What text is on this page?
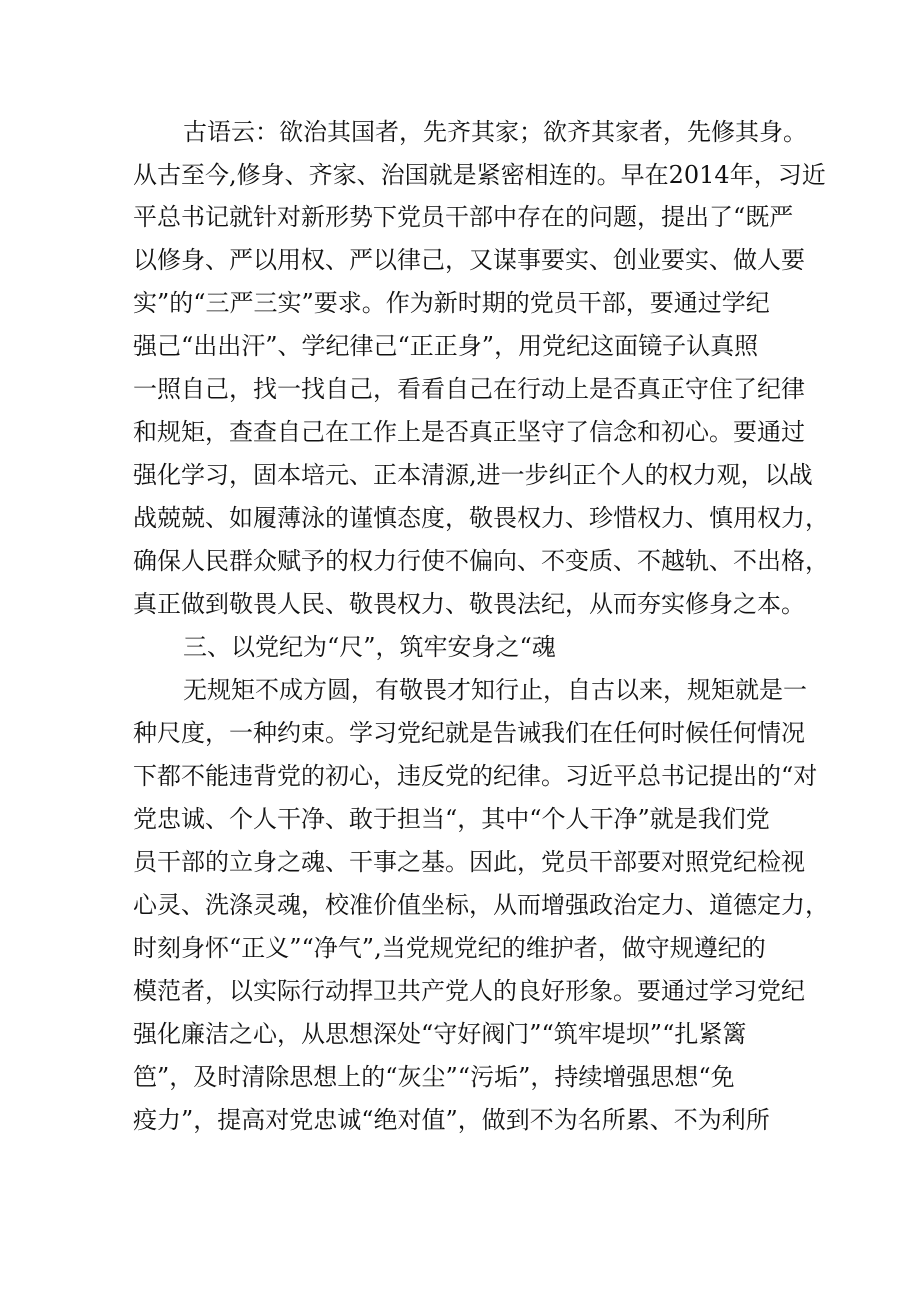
古语云：欲治其国者，先齐其家；欲齐其家者，先修其身。
从古至今,修身、齐家、治国就是紧密相连的。早在2014年，习近
平总书记就针对新形势下党员干部中存在的问题，提出了“既严
以修身、严以用权、严以律己，又谋事要实、创业要实、做人要
实”的“三严三实”要求。作为新时期的党员干部，要通过学纪
强己“出出汗”、学纪律己“正正身”，用党纪这面镜子认真照
一照自己，找一找自己，看看自己在行动上是否真正守住了纪律
和规矩，查查自己在工作上是否真正坚守了信念和初心。要通过
强化学习，固本培元、正本清源,进一步纠正个人的权力观，以战
战兢兢、如履薄泳的谨慎态度，敬畏权力、珍惜权力、慎用权力，
确保人民群众赋予的权力行使不偏向、不变质、不越轨、不出格，
真正做到敬畏人民、敬畏权力、敬畏法纪，从而夯实修身之本。
三、以党纪为“尺”，筑牢安身之“魂
无规矩不成方圆，有敬畏才知行止，自古以来，规矩就是一
种尺度，一种约束。学习党纪就是告诫我们在任何时候任何情况
下都不能违背党的初心，违反党的纪律。习近平总书记提出的“对
党忠诚、个人干净、敢于担当“，其中“个人干净”就是我们党
员干部的立身之魂、干事之基。因此，党员干部要对照党纪检视
心灵、洗涤灵魂，校准价值坐标，从而增强政治定力、道德定力，
时刻身怀“正义”“净气”,当党规党纪的维护者，做守规遵纪的
模范者，以实际行动捍卫共产党人的良好形象。要通过学习党纪
强化廉洁之心，从思想深处“守好阀门”“筑牢堤坝”“扎紧篱
笆”，及时清除思想上的“灰尘”“污垢”，持续增强思想“免
疫力”，提高对党忠诚“绝对值”，做到不为名所累、不为利所
